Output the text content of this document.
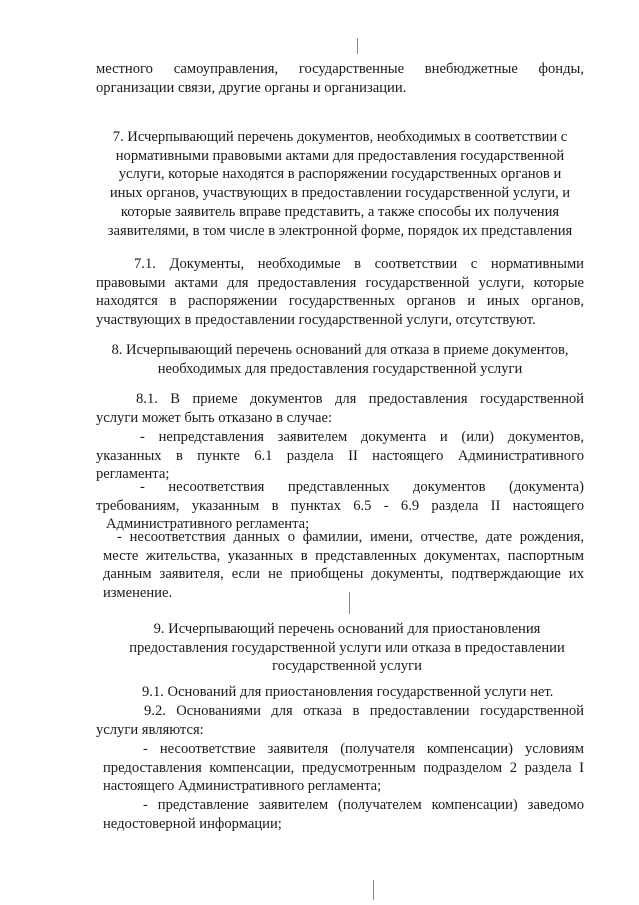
местного самоуправления, государственные внебюджетные фонды,
организации связи, другие органы и организации.
7. Исчерпывающий перечень документов, необходимых в соответствии с
нормативными правовыми актами для предоставления государственной
услуги, которые находятся в распоряжении государственных органов и
иных органов, участвующих в предоставлении государственной услуги, и
которые заявитель вправе представить, а также способы их получения
заявителями, в том числе в электронной форме, порядок их представления
7.1. Документы, необходимые в соответствии с нормативными
правовыми актами для предоставления государственной услуги, которые
находятся в распоряжении государственных органов и иных органов,
участвующих в предоставлении государственной услуги, отсутствуют.
8. Исчерпывающий перечень оснований для отказа в приеме документов,
необходимых для предоставления государственной услуги
8.1. В приеме документов для предоставления государственной
услуги может быть отказано в случае:
- непредставления заявителем документа и (или) документов,
указанных в пункте 6.1 раздела II настоящего Административного
регламента;
- несоответствия представленных документов (документа)
требованиям, указанным в пунктах 6.5 - 6.9 раздела II настоящего
Административного регламента;
- несоответствия данных о фамилии, имени, отчестве, дате рождения,
месте жительства, указанных в представленных документах, паспортным
данным заявителя, если не приобщены документы, подтверждающие их
изменение.
9. Исчерпывающий перечень оснований для приостановления
предоставления государственной услуги или отказа в предоставлении
государственной услуги
9.1. Оснований для приостановления государственной услуги нет.
9.2. Основаниями для отказа в предоставлении государственной
услуги являются:
- несоответствие заявителя (получателя компенсации) условиям
предоставления компенсации, предусмотренным подразделом 2 раздела I
настоящего Административного регламента;
- представление заявителем (получателем компенсации) заведомо
недостоверной информации;
